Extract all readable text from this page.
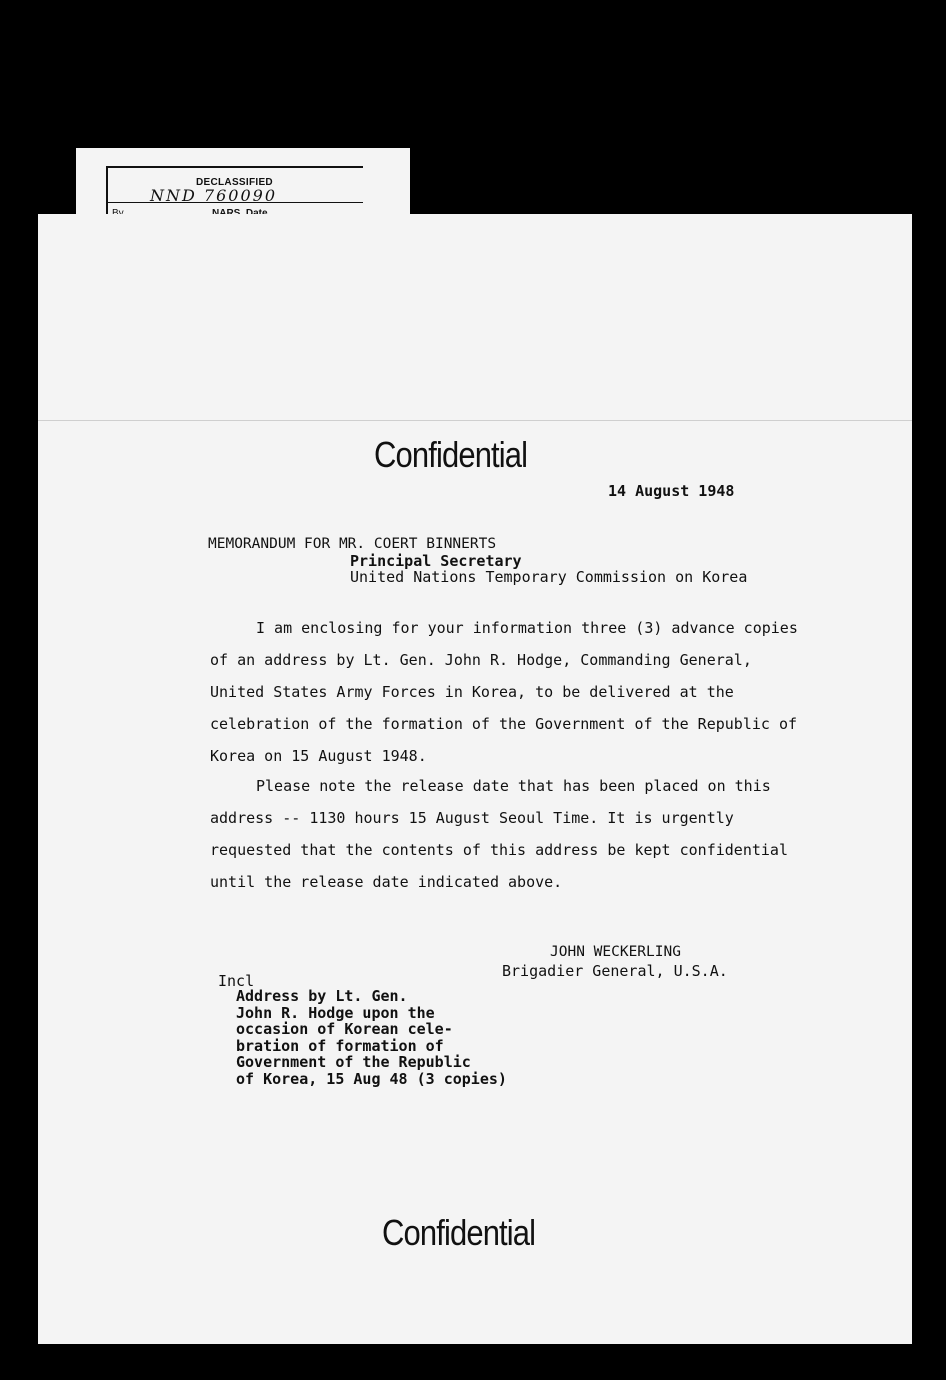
DECLASSIFIED
NND 760090
Confidential
14 August 1948
MEMORANDUM FOR MR. COERT BINNERTS
Principal Secretary
United Nations Temporary Commission on Korea

I am enclosing for your information three (3) advance copies of an address by Lt. Gen. John R. Hodge, Commanding General, United States Army Forces in Korea, to be delivered at the celebration of the formation of the Government of the Republic of Korea on 15 August 1948.

Please note the release date that has been placed on this address -- 1130 hours 15 August Seoul Time. It is urgently requested that the contents of this address be kept confidential until the release date indicated above.

JOHN WECKERLING
Brigadier General, U.S.A.
Incl
Address by Lt. Gen.
John R. Hodge upon the
occasion of Korean cele-
bration of formation of
Government of the Republic
of Korea, 15 Aug 48 (3 copies)
Confidential
